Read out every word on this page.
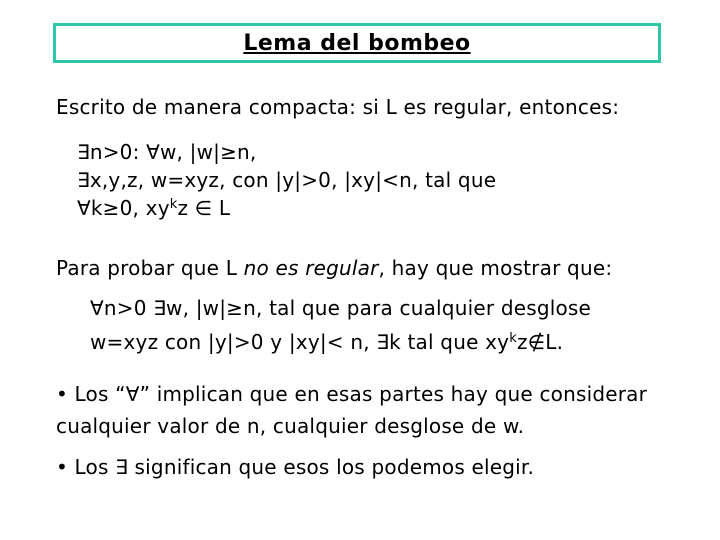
Lema del bombeo
Escrito de manera compacta: si L es regular, entonces:
∃n>0: ∀w, |w|≥n,
∃x,y,z, w=xyz, con |y|>0, |xy|<n, tal que
∀k≥0, $xy^kz$ ∈ L
Para probar que L no es regular, hay que mostrar que:
∀n>0 ∃w, |w|≥n, tal que para cualquier desglose
w=xyz con |y|>0 y |xy|< n, ∃k tal que $xy^kz\notin L$.
• Los “∀” implican que en esas partes hay que considerar
cualquier valor de n, cualquier desglose de w.
• Los ∃ significan que esos los podemos elegir.
